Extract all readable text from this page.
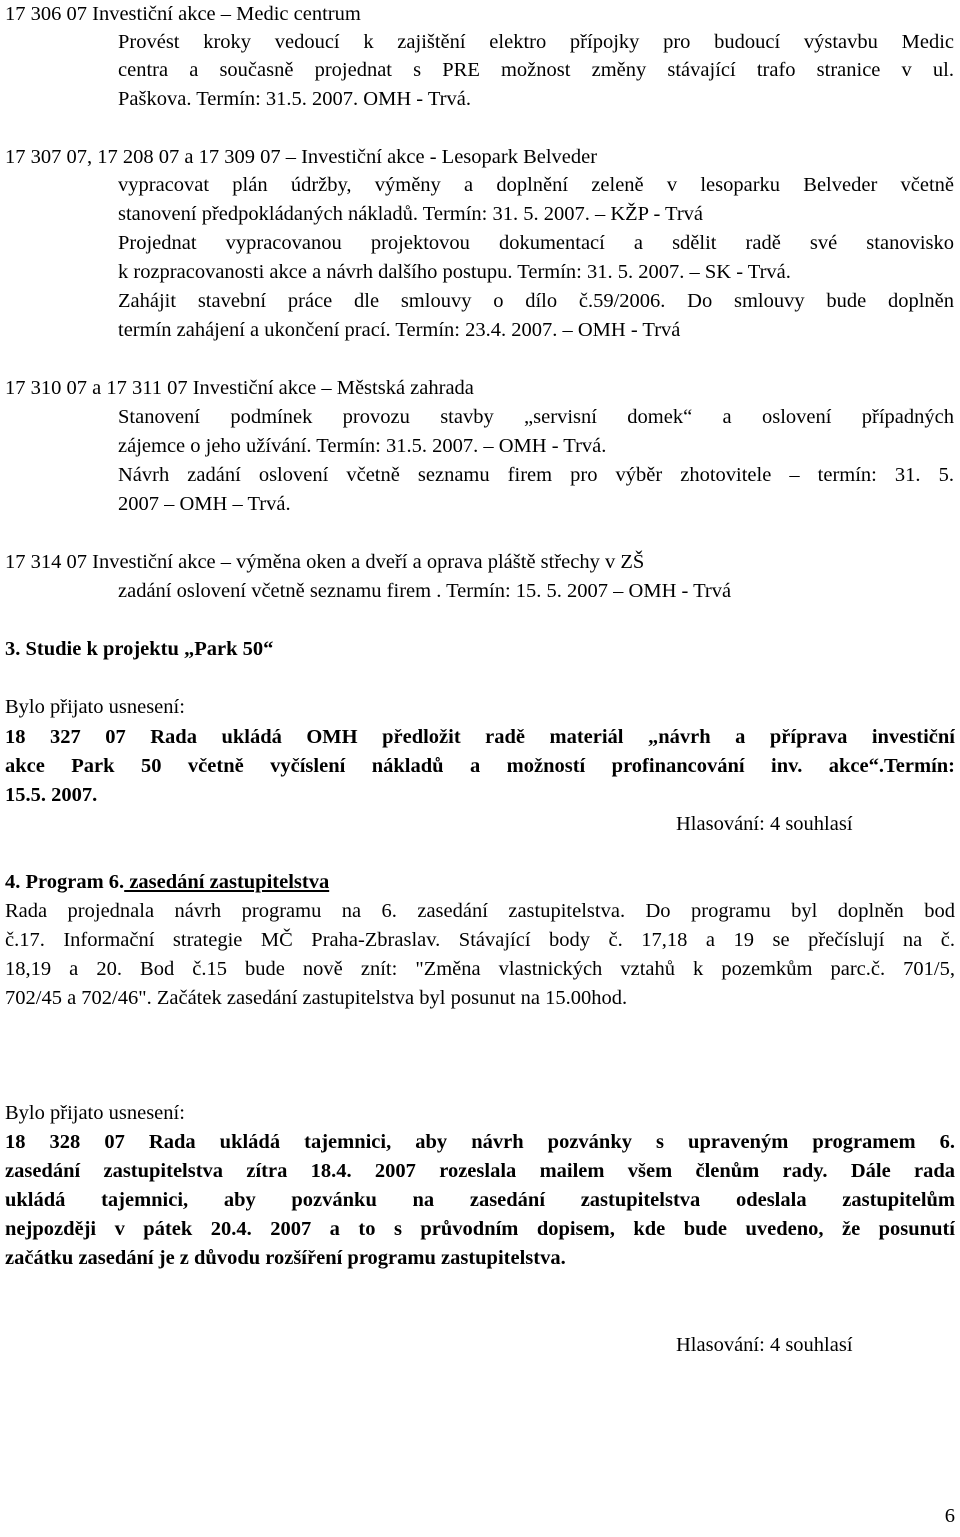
17 306 07 Investiční akce – Medic centrum
Provést kroky vedoucí k zajištění elektro přípojky pro budoucí výstavbu Medic
centra a současně projednat s PRE možnost změny stávající trafo stranice v ul.
Paškova. Termín: 31.5. 2007. OMH - Trvá.
17 307 07, 17 208 07 a 17 309 07 – Investiční akce - Lesopark Belveder
vypracovat plán údržby, výměny a doplnění zeleně v lesoparku Belveder včetně
stanovení předpokládaných nákladů. Termín: 31. 5. 2007. – KŽP - Trvá
Projednat vypracovanou projektovou dokumentací a sdělit radě své stanovisko
k rozpracovanosti akce a návrh dalšího postupu. Termín: 31. 5. 2007. – SK - Trvá.
Zahájit stavební práce dle smlouvy o dílo č.59/2006. Do smlouvy bude doplněn
termín zahájení a ukončení prací. Termín: 23.4. 2007. – OMH - Trvá
17 310 07 a 17 311 07 Investiční akce – Městská zahrada
Stanovení podmínek provozu stavby „servisní domek“ a oslovení případných
zájemce o jeho užívání. Termín: 31.5. 2007. – OMH - Trvá.
Návrh zadání oslovení včetně seznamu firem pro výběr zhotovitele – termín: 31. 5.
2007 – OMH – Trvá.
17 314 07 Investiční akce – výměna oken a dveří a oprava pláště střechy v ZŠ
zadání oslovení včetně seznamu firem . Termín: 15. 5. 2007 – OMH - Trvá
3. Studie k projektu „Park 50“
Bylo přijato usnesení:
18 327 07 Rada ukládá OMH předložit radě materiál „návrh a příprava investiční
akce Park 50 včetně vyčíslení nákladů a možností profinancování inv. akce“.Termín:
15.5. 2007.
Hlasování: 4 souhlasí
4. Program 6. zasedání zastupitelstva
Rada projednala návrh programu na 6. zasedání zastupitelstva. Do programu byl doplněn bod
č.17. Informační strategie MČ Praha-Zbraslav. Stávající body č. 17,18 a 19 se přečíslují na č.
18,19 a 20. Bod č.15 bude nově znít: "Změna vlastnických vztahů k pozemkům parc.č. 701/5,
702/45 a 702/46". Začátek zasedání zastupitelstva byl posunut na 15.00hod.
Bylo přijato usnesení:
18 328 07 Rada ukládá tajemnici, aby návrh pozvánky s upraveným programem 6.
zasedání zastupitelstva zítra 18.4. 2007 rozeslala mailem všem členům rady. Dále rada
ukládá tajemnici, aby pozvánku na zasedání zastupitelstva odeslala zastupitelům
nejpozději v pátek 20.4. 2007 a to s průvodním dopisem, kde bude uvedeno, že posunutí
začátku zasedání je z důvodu rozšíření programu zastupitelstva.
Hlasování: 4 souhlasí
6
